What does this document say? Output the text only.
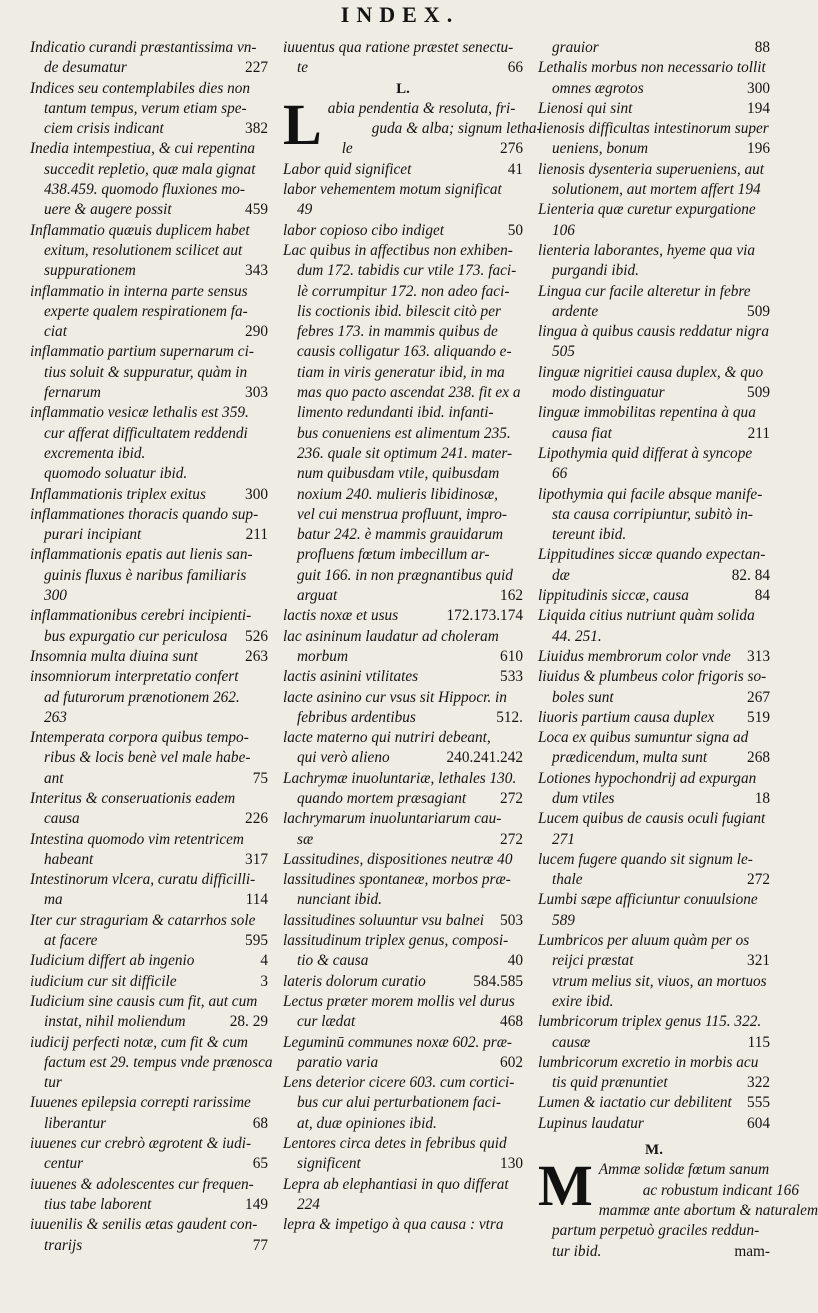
INDEX.
Indicatio curandi præstantissima vn-
de desumatur	227
Indices seu contemplabiles dies non
tantum tempus, verum etiam spe-
ciem crisis indicant	382
Inedia intempestiua, & cui repentina
succedit repletio, quæ mala gignat
438.459. quomodo fluxiones mo-
uere & augere possit	459
Inflammatio quæuis duplicem habet
exitum, resolutionem scilicet aut
suppurationem	343
inflammatio in interna parte sensus
experte qualem respirationem fa-
ciat	290
inflammatio partium supernarum ci-
tius soluit & suppuratur, quàm in
fernarum	303
inflammatio vesicæ lethalis est 359.
cur afferat difficultatem reddendi
excrementa ibid.
quomodo soluatur ibid.
Inflammationis triplex exitus	300
inflammationes thoracis quando sup-
purari incipiant	211
inflammationis epatis aut lienis san-
guinis fluxus è naribus familiaris
300
inflammationibus cerebri incipienti-
bus expurgatio cur periculosa	526
Insomnia multa diuina sunt	263
insomniorum interpretatio confert
ad futurorum prænotionem 262.
263
Intemperata corpora quibus tempo-
ribus & locis benè vel male habe-
ant	75
Interitus & conseruationis eadem
causa	226
Intestina quomodo vim retentricem
habeant	317
Intestinorum vlcera, curatu difficilli-
ma	114
Iter cur straguriam & catarrhos sole
at facere	595
Iudicium differt ab ingenio	4
iudicium cur sit difficile	3
Iudicium sine causis cum fit, aut cum
instat, nihil moliendum	28. 29
iudicij perfecti notæ, cum fit & cum
factum est 29. tempus vnde prænosca
tur
Iuuenes epilepsia correpti rarissime
liberantur	68
iuuenes cur crebrò ægrotent & iudi-
centur	65
iuuenes & adolescentes cur frequen-
tius tabe laborent	149
iuuenilis & senilis ætas gaudent con-
trarijs	77
iuuentus qua ratione præstet senectu-
te	66
L.
Labia pendentia & resoluta, fri-
guda & alba; signum letha-
le	276
Labor quid significet	41
labor vehementem motum significat
49
labor copioso cibo indiget	50
Lac quibus in affectibus non exhiben-
dum 172. tabidis cur vtile 173. faci-
lè corrumpitur 172. non adeo faci-
lis coctionis ibid. bilescit citò per
febres 173. in mammis quibus de
causis colligatur 163. aliquando e-
tiam in viris generatur ibid, in ma
mas quo pacto ascendat 238. fit ex a
limento redundanti ibid. infanti-
bus conueniens est alimentum 235.
236. quale sit optimum 241. mater-
num quibusdam vtile, quibusdam
noxium 240. mulieris libidinosæ,
vel cui menstrua profluunt, impro-
batur 242. è mammis grauidarum
profluens fœtum imbecillum ar-
guit 166. in non prægnantibus quid
arguat	162
lactis noxæ et usus	172.173.174
lac asininum laudatur ad choleram
morbum	610
lactis asinini vtilitates	533
lacte asinino cur vsus sit Hippocr. in
febribus ardentibus	512.
lacte materno qui nutriri debeant,
qui verò alieno	240.241.242
Lachrymæ inuoluntariæ, lethales 130.
quando mortem præsagiant	272
lachrymarum inuoluntariarum cau-
sæ	272
Lassitudines, dispositiones neutræ 40
lassitudines spontaneæ, morbos præ-
nunciant ibid.
lassitudines soluuntur vsu balnei	503
lassitudinum triplex genus, composi-
tio & causa	40
lateris dolorum curatio	584.585
Lectus præter morem mollis vel durus
cur lædat	468
Leguminū communes noxæ 602. præ-
paratio varia	602
Lens deterior cicere 603. cum cortici-
bus cur alui perturbationem faci-
at, duæ opiniones ibid.
Lentores circa detes in febribus quid
significent	130
Lepra ab elephantiasi in quo differat
224
lepra & impetigo à qua causa : vtra
grauior	88
Lethalis morbus non necessario tollit
omnes ægrotos	300
Lienosi qui sint	194
lienosis difficultas intestinorum super
ueniens, bonum	196
lienosis dysenteria superueniens, aut
solutionem, aut mortem affert 194
Lienteria quæ curetur expurgatione
106
lienteria laborantes, hyeme qua via
purgandi ibid.
Lingua cur facile alteretur in febre
ardente	509
lingua à quibus causis reddatur nigra
505
linguæ nigritiei causa duplex, & quo
modo distinguatur	509
linguæ immobilitas repentina à qua
causa fiat	211
Lipothymia quid differat à syncope
66
lipothymia qui facile absque manife-
sta causa corripiuntur, subitò in-
tereunt ibid.
Lippitudines siccæ quando expectan-
dæ	82. 84
lippitudinis siccæ, causa	84
Liquida citius nutriunt quàm solida
44. 251.
Liuidus membrorum color vnde	313
liuidus & plumbeus color frigoris so-
boles sunt	267
liuoris partium causa duplex	519
Loca ex quibus sumuntur signa ad
prædicendum, multa sunt	268
Lotiones hypochondrij ad expurgan
dum vtiles	18
Lucem quibus de causis oculi fugiant
271
lucem fugere quando sit signum le-
thale	272
Lumbi sæpe afficiuntur conuulsione
589
Lumbricos per aluum quàm per os
reijci præstat	321
vtrum melius sit, viuos, an mortuos
exire ibid.
lumbricorum triplex genus 115. 322.
causæ	115
lumbricorum excretio in morbis acu
tis quid prænuntiet	322
Lumen & iactatio cur debilitent 555
Lupinus laudatur	604
M.
M Ammæ solidæ fœtum sanum
ac robustum indicant 166
mammæ ante abortum & naturalem
partum perpetuò graciles reddun-
tur ibid.	mam-
